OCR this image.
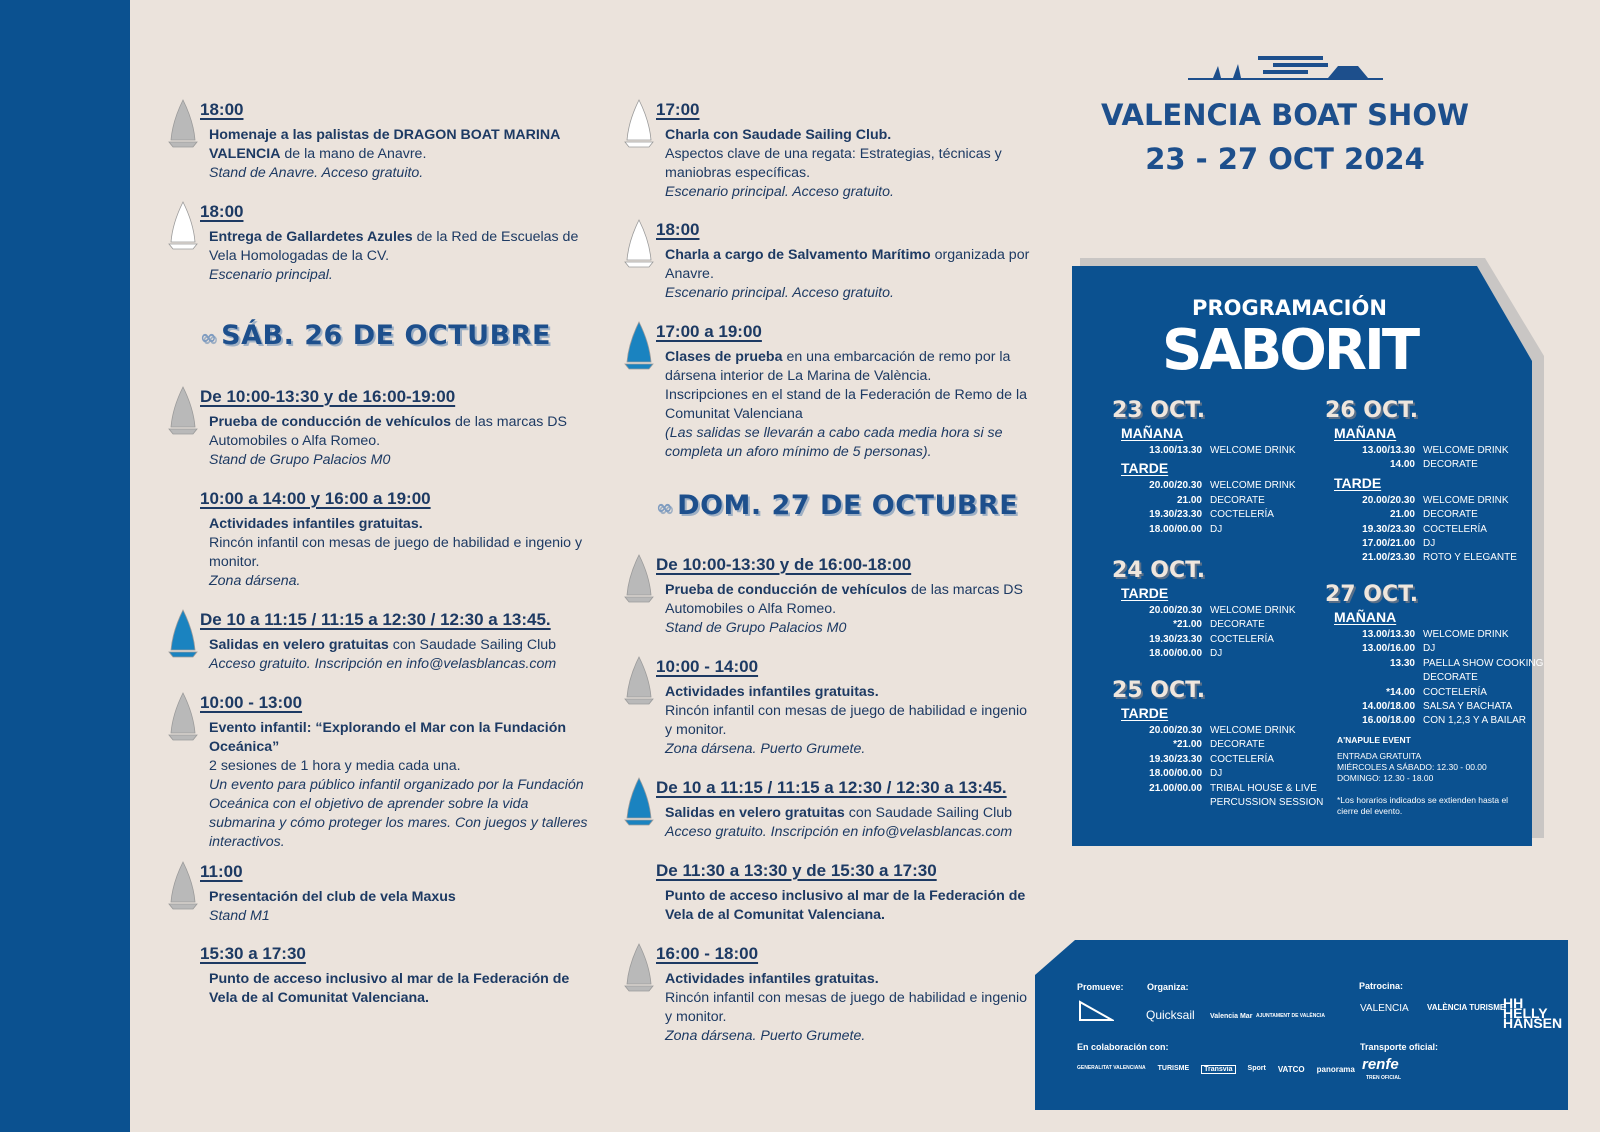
18:00
Homenaje a las palistas de DRAGON BOAT MARINA VALENCIA de la mano de Anavre.
Stand de Anavre. Acceso gratuito.
18:00
Entrega de Gallardetes Azules de la Red de Escuelas de Vela Homologadas de la CV.
Escenario principal.
De 10:00-13:30 y de 16:00-19:00
Prueba de conducción de vehículos de las marcas DS Automobiles o Alfa Romeo.
Stand de Grupo Palacios M0
10:00 a 14:00 y 16:00 a 19:00
Actividades infantiles gratuitas.
Rincón infantil con mesas de juego de habilidad e ingenio y monitor.
Zona dársena.
De 10 a 11:15 / 11:15 a 12:30 / 12:30 a 13:45.
Salidas en velero gratuitas con Saudade Sailing Club
Acceso gratuito. Inscripción en info@velasblancas.com
10:00 - 13:00
Evento infantil: “Explorando el Mar con la Fundación Oceánica”
2 sesiones de 1 hora y media cada una.
Un evento para público infantil organizado por la Fundación Oceánica con el objetivo de aprender sobre la vida submarina y cómo proteger los mares. Con juegos y talleres interactivos.
11:00
Presentación del club de vela Maxus
Stand M1
15:30 a 17:30
Punto de acceso inclusivo al mar de la Federación de Vela de al Comunitat Valenciana.
17:00
Charla con Saudade Sailing Club.
Aspectos clave de una regata: Estrategias, técnicas y maniobras específicas.
Escenario principal. Acceso gratuito.
18:00
Charla a cargo de Salvamento Marítimo organizada por Anavre.
Escenario principal. Acceso gratuito.
17:00 a 19:00
Clases de prueba en una embarcación de remo por la dársena interior de La Marina de València.
Inscripciones en el stand de la Federación de Remo de la Comunitat Valenciana
(Las salidas se llevarán a cabo cada media hora si se completa un aforo mínimo de 5 personas).
De 10:00-13:30 y de 16:00-18:00
Prueba de conducción de vehículos de las marcas DS Automobiles o Alfa Romeo.
Stand de Grupo Palacios M0
10:00 - 14:00
Actividades infantiles gratuitas.
Rincón infantil con mesas de juego de habilidad e ingenio y monitor.
Zona dársena. Puerto Grumete.
De 10 a 11:15 / 11:15 a 12:30 / 12:30 a 13:45.
Salidas en velero gratuitas con Saudade Sailing Club
Acceso gratuito. Inscripción en info@velasblancas.com
De 11:30 a 13:30 y de 15:30 a 17:30
Punto de acceso inclusivo al mar de la Federación de Vela de al Comunitat Valenciana.
16:00 - 18:00
Actividades infantiles gratuitas.
Rincón infantil con mesas de juego de habilidad e ingenio y monitor.
Zona dársena. Puerto Grumete.
∞ SÁB. 26 DE OCTUBRE
∞ DOM. 27 DE OCTUBRE
VALENCIA BOAT SHOW
23 - 27 OCT 2024
PROGRAMACIÓN
SABORIT
23 OCT.
MAÑANA
13.00/13.30 WELCOME DRINK
TARDE
20.00/20.30 WELCOME DRINK
21.00 DECORATE
19.30/23.30 COCTELERÍA
18.00/00.00 DJ
24 OCT.
TARDE
20.00/20.30 WELCOME DRINK
*21.00 DECORATE
19.30/23.30 COCTELERÍA
18.00/00.00 DJ
25 OCT.
TARDE
20.00/20.30 WELCOME DRINK
*21.00 DECORATE
19.30/23.30 COCTELERÍA
18.00/00.00 DJ
21.00/00.00 TRIBAL HOUSE & LIVE
PERCUSSION SESSION
26 OCT.
MAÑANA
13.00/13.30 WELCOME DRINK
14.00 DECORATE
TARDE
20.00/20.30 WELCOME DRINK
21.00 DECORATE
19.30/23.30 COCTELERÍA
17.00/21.00 DJ
21.00/23.30 ROTO Y ELEGANTE
27 OCT.
MAÑANA
13.00/13.30 WELCOME DRINK
13.00/16.00 DJ
13.30 PAELLA SHOW COOKING
DECORATE
*14.00 COCTELERÍA
14.00/18.00 SALSA Y BACHATA
16.00/18.00 CON 1,2,3 Y A BAILAR
A'NAPULE EVENT
ENTRADA GRATUITA
MIÉRCOLES A SÁBADO: 12.30 - 00.00
DOMINGO: 12.30 - 18.00
*Los horarios indicados se extienden hasta el cierre del evento.
Promueve:	Organiza:	Patrocina:
En colaboración con:	Transporte oficial:
Quicksail Valencia Mar AJUNTAMENT DE VALÈNCIA
VALENCIA VALÈNCIA TURISME
HH HELLY HANSEN
GENERALITAT VALENCIANA TURISME	Transvia	Sport VATCO panorama renfe
TREN OFICIAL
